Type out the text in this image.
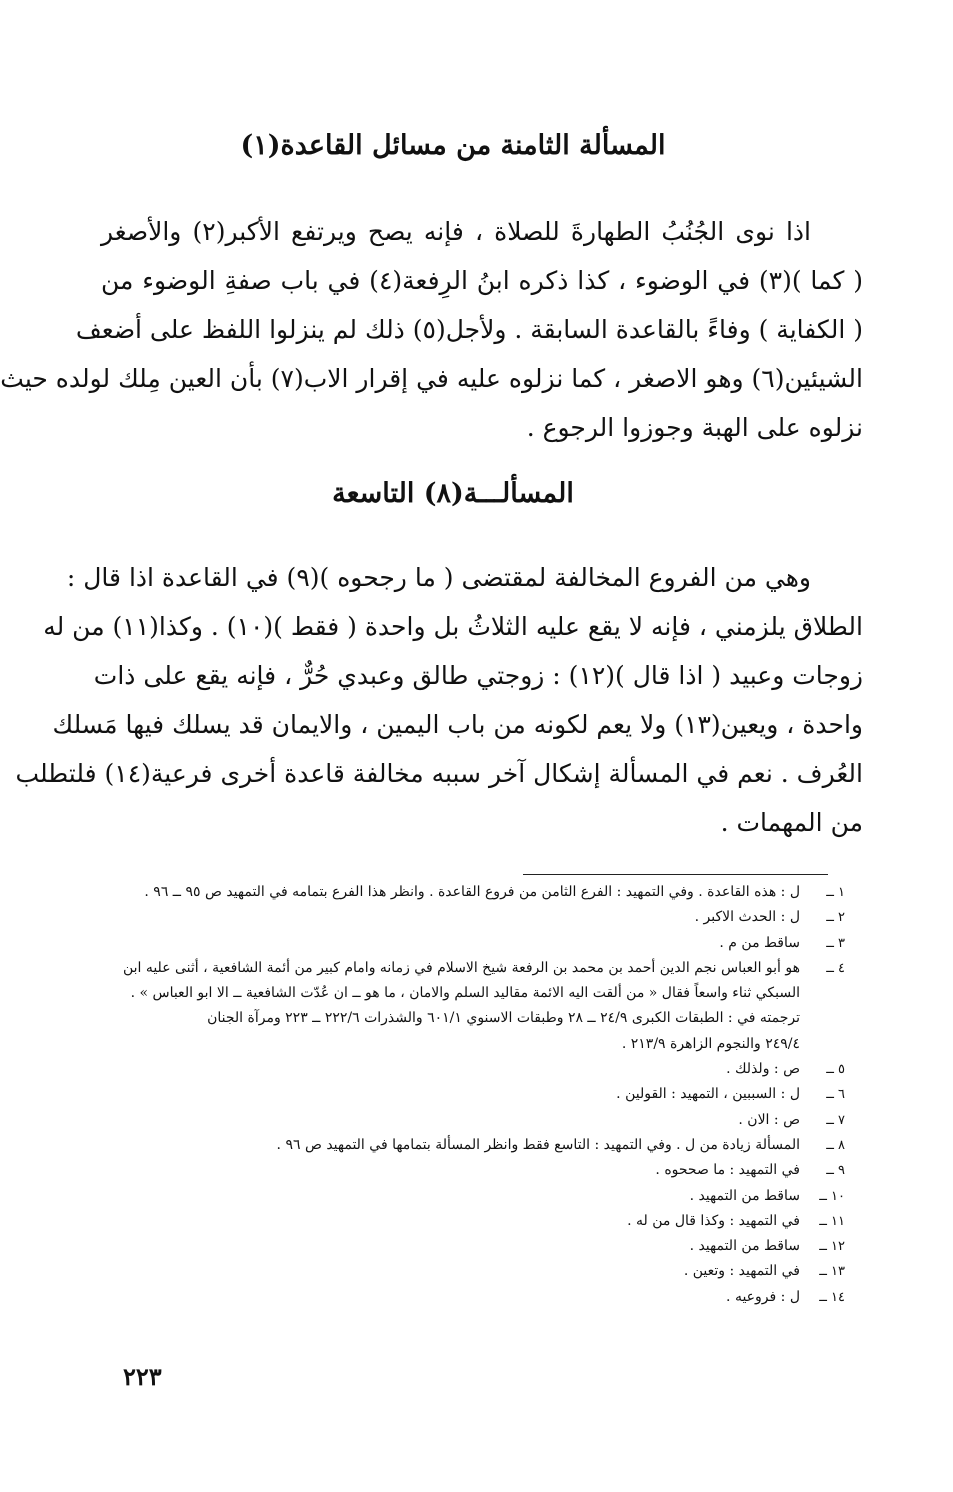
المسألة الثامنة من مسائل القاعدة(١)
اذا نوى الجُنُبُ الطهارةَ للصلاة ، فإنه يصح ويرتفع الأكبر(٢) والأصغر
( كما )(٣) في الوضوء ، كذا ذكره ابنُ الرِفعة(٤) في باب صفةِ الوضوء من
( الكفاية ) وفاءً بالقاعدة السابقة . ولأجل(٥) ذلك لم ينزلوا اللفظ على أضعف
الشيئين(٦) وهو الاصغر ، كما نزلوه عليه في إقرار الاب(٧) بأن العين مِلك لولده حيث
نزلوه على الهبة وجوزوا الرجوع .
المسألـــة(٨) التاسعة
وهي من الفروع المخالفة لمقتضى ( ما رجحوه )(٩) في القاعدة اذا قال :
الطلاق يلزمني ، فإنه لا يقع عليه الثلاثُ بل واحدة ( فقط )(١٠) . وكذا(١١) من له
زوجات وعبيد ( اذا قال )(١٢) : زوجتي طالق وعبدي حُرٌّ ، فإنه يقع على ذات
واحدة ، ويعين(١٣) ولا يعم لكونه من باب اليمين ، والايمان قد يسلك فيها مَسلك
العُرف . نعم في المسألة إشكال آخر سببه مخالفة قاعدة أخرى فرعية(١٤) فلتطلب
من المهمات .
١ ــ
ل : هذه القاعدة . وفي التمهيد : الفرع الثامن من فروع القاعدة . وانظر هذا الفرع بتمامه في التمهيد ص ٩٥ ــ ٩٦ .
٢ ــ
ل : الحدث الاكبر .
٣ ــ
ساقط من م .
٤ ــ
هو أبو العباس نجم الدين أحمد بن محمد بن الرفعة شيخ الاسلام في زمانه وامام كبير من أئمة الشافعية ، أثنى عليه ابن
السبكي ثناء واسعاً فقال « من ألقت اليه الائمة مقاليد السلم والامان ، ما هو ــ ان عُدّت الشافعية ــ الا ابو العباس » .
ترجمته في : الطبقات الكبرى ٢٤/٩ ــ ٢٨ وطبقات الاسنوي ٦٠١/١ والشذرات ٢٢٢/٦ ــ ٢٢٣ ومرآة الجنان
٢٤٩/٤ والنجوم الزاهرة ٢١٣/٩ .
٥ ــ
ص : ولذلك .
٦ ــ
ل : السببين ، التمهيد : القولين .
٧ ــ
ص : الان .
٨ ــ
المسألة زيادة من ل . وفي التمهيد : التاسع فقط وانظر المسألة بتمامها في التمهيد ص ٩٦ .
٩ ــ
في التمهيد : ما صححوه .
١٠ ــ
ساقط من التمهيد .
١١ ــ
في التمهيد : وكذا قال من له .
١٢ ــ
ساقط من التمهيد .
١٣ ــ
في التمهيد : وتعين .
١٤ ــ
ل : فروعيه .
٢٢٣
